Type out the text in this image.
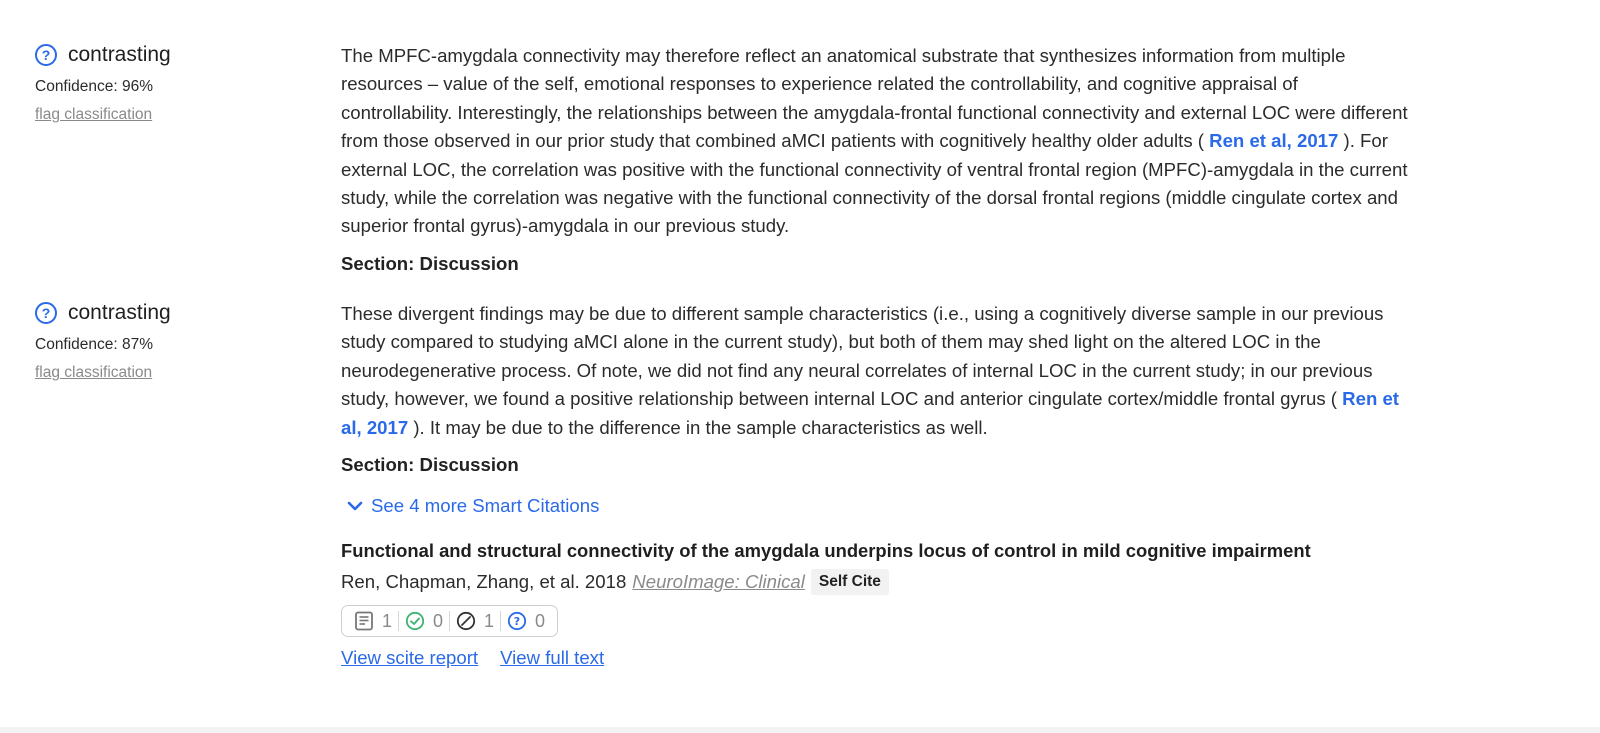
? contrasting
Confidence: 96%
flag classification

The MPFC-amygdala connectivity may therefore reflect an anatomical substrate that synthesizes information from multiple resources – value of the self, emotional responses to experience related the controllability, and cognitive appraisal of controllability. Interestingly, the relationships between the amygdala-frontal functional connectivity and external LOC were different from those observed in our prior study that combined aMCI patients with cognitively healthy older adults ( Ren et al, 2017 ). For external LOC, the correlation was positive with the functional connectivity of ventral frontal region (MPFC)-amygdala in the current study, while the correlation was negative with the functional connectivity of the dorsal frontal regions (middle cingulate cortex and superior frontal gyrus)-amygdala in our previous study.

Section: Discussion
? contrasting
Confidence: 87%
flag classification

These divergent findings may be due to different sample characteristics (i.e., using a cognitively diverse sample in our previous study compared to studying aMCI alone in the current study), but both of them may shed light on the altered LOC in the neurodegenerative process. Of note, we did not find any neural correlates of internal LOC in the current study; in our previous study, however, we found a positive relationship between internal LOC and anterior cingulate cortex/middle frontal gyrus ( Ren et al, 2017 ). It may be due to the difference in the sample characteristics as well.

Section: Discussion
See 4 more Smart Citations
Functional and structural connectivity of the amygdala underpins locus of control in mild cognitive impairment
Ren, Chapman, Zhang, et al. 2018 NeuroImage: Clinical Self Cite
1 0 1 ? 0
View scite report View full text
